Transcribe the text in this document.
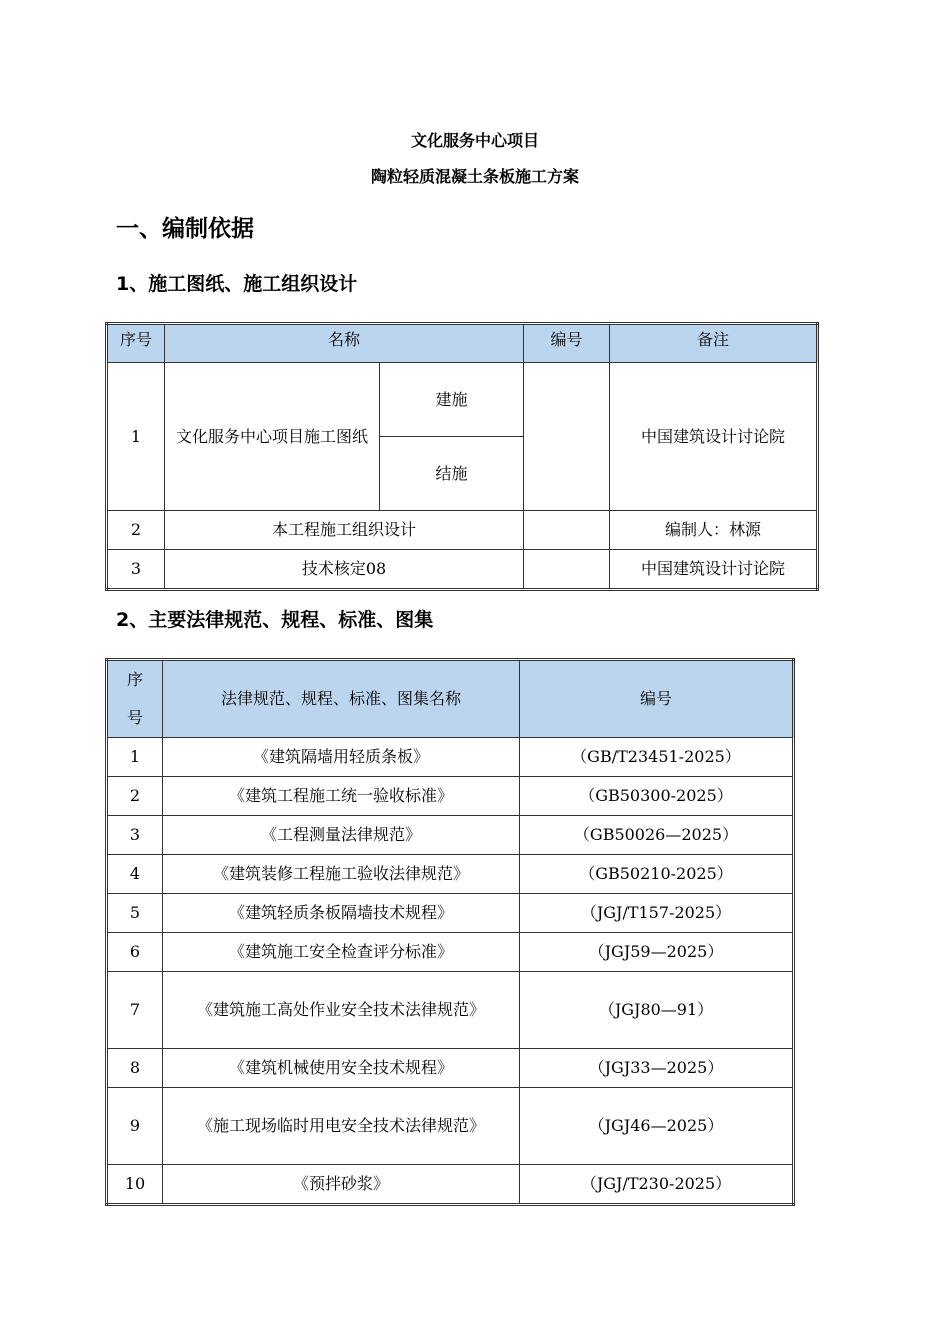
文化服务中心项目
陶粒轻质混凝土条板施工方案
一、编制依据
1、施工图纸、施工组织设计
序号	名称		编号	备注
1	文化服务中心项目施工图纸	建施		中国建筑设计讨论院
		结施		
2	本工程施工组织设计			编制人：林源
3	技术核定08			中国建筑设计讨论院
2、主要法律规范、规程、标准、图集
序号	法律规范、规程、标准、图集名称	编号
1	《建筑隔墙用轻质条板》	（GB/T23451-2025）
2	《建筑工程施工统一验收标准》	（GB50300-2025）
3	《工程测量法律规范》	（GB50026—2025）
4	《建筑装修工程施工验收法律规范》	（GB50210-2025）
5	《建筑轻质条板隔墙技术规程》	（JGJ/T157-2025）
6	《建筑施工安全检查评分标准》	（JGJ59—2025）
7	《建筑施工高处作业安全技术法律规范》	（JGJ80—91）
8	《建筑机械使用安全技术规程》	（JGJ33—2025）
9	《施工现场临时用电安全技术法律规范》	（JGJ46—2025）
10	《预拌砂浆》	（JGJ/T230-2025）
